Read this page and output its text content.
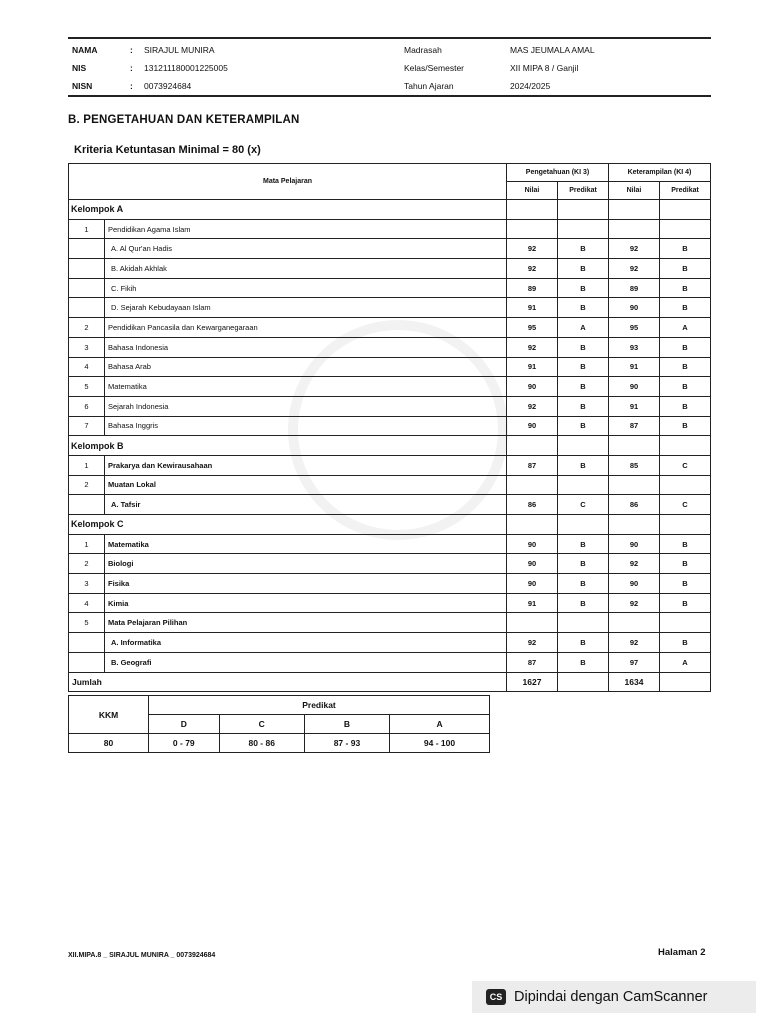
NAMA	: SIRAJUL MUNIRA	Madrasah	MAS JEUMALA AMAL
NIS	: 131211180001225005	Kelas/Semester	XII MIPA 8 / Ganjil
NISN	: 0073924684	Tahun Ajaran	2024/2025
B. PENGETAHUAN DAN KETERAMPILAN
Kriteria Ketuntasan Minimal = 80 (x)
Mata Pelajaran		Pengetahuan (KI 3)		Keterampilan (KI 4)	
		Nilai	Predikat	Nilai	Predikat
Kelompok A					
1	Pendidikan Agama Islam				
	A. Al Qur'an Hadis	92	B	92	B
	B. Akidah Akhlak	92	B	92	B
	C. Fikih	89	B	89	B
	D. Sejarah Kebudayaan Islam	91	B	90	B
2	Pendidikan Pancasila dan Kewarganegaraan	95	A	95	A
3	Bahasa Indonesia	92	B	93	B
4	Bahasa Arab	91	B	91	B
5	Matematika	90	B	90	B
6	Sejarah Indonesia	92	B	91	B
7	Bahasa Inggris	90	B	87	B
Kelompok B					
1	Prakarya dan Kewirausahaan	87	B	85	C
2	Muatan Lokal				
	A. Tafsir	86	C	86	C
Kelompok C					
1	Matematika	90	B	90	B
2	Biologi	90	B	92	B
3	Fisika	90	B	90	B
4	Kimia	91	B	92	B
5	Mata Pelajaran Pilihan				
	A. Informatika	92	B	92	B
	B. Geografi	87	B	97	A
Jumlah		1627		1634	
KKM	Predikat			
	D	C	B	A
80	0 - 79	80 - 86	87 - 93	94 - 100
XII.MIPA.8 _ SIRAJUL MUNIRA _ 0073924684	Halaman 2
CS Dipindai dengan CamScanner
